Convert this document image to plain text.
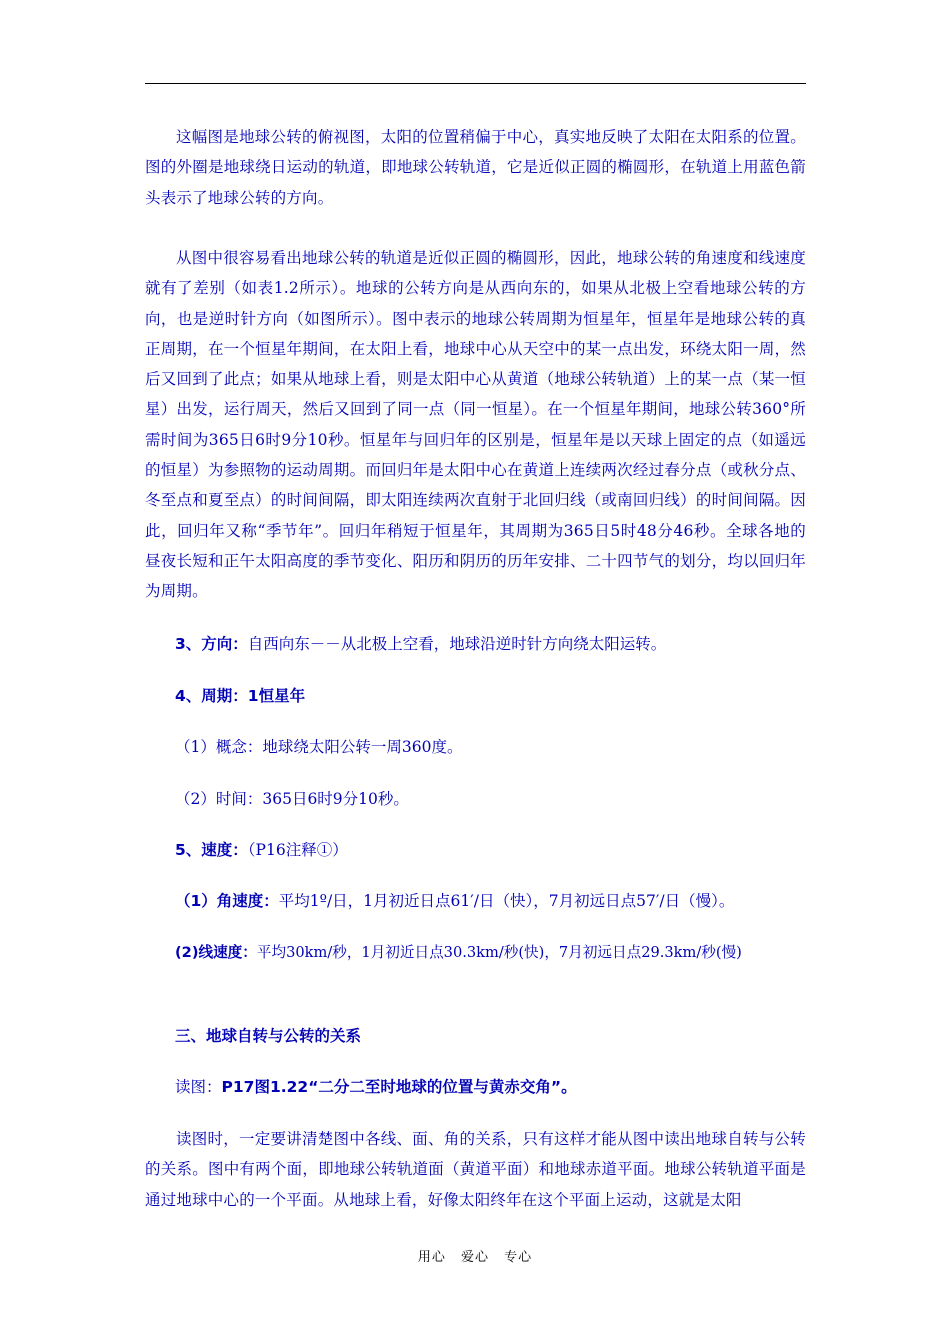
这幅图是地球公转的俯视图，太阳的位置稍偏于中心，真实地反映了太阳在太阳系的位置。图的外圈是地球绕日运动的轨道，即地球公转轨道，它是近似正圆的椭圆形，在轨道上用蓝色箭头表示了地球公转的方向。

从图中很容易看出地球公转的轨道是近似正圆的椭圆形，因此，地球公转的角速度和线速度就有了差别（如表1.2所示）。地球的公转方向是从西向东的，如果从北极上空看地球公转的方向，也是逆时针方向（如图所示）。图中表示的地球公转周期为恒星年，恒星年是地球公转的真正周期，在一个恒星年期间，在太阳上看，地球中心从天空中的某一点出发，环绕太阳一周，然后又回到了此点；如果从地球上看，则是太阳中心从黄道（地球公转轨道）上的某一点（某一恒星）出发，运行周天，然后又回到了同一点（同一恒星）。在一个恒星年期间，地球公转360°所需时间为365日6时9分10秒。恒星年与回归年的区别是，恒星年是以天球上固定的点（如遥远的恒星）为参照物的运动周期。而回归年是太阳中心在黄道上连续两次经过春分点（或秋分点、冬至点和夏至点）的时间间隔，即太阳连续两次直射于北回归线（或南回归线）的时间间隔。因此，回归年又称“季节年”。回归年稍短于恒星年，其周期为365日5时48分46秒。全球各地的昼夜长短和正午太阳高度的季节变化、阳历和阴历的历年安排、二十四节气的划分，均以回归年为周期。

3、方向：自西向东－－从北极上空看，地球沿逆时针方向绕太阳运转。
4、周期：1恒星年
（1）概念：地球绕太阳公转一周360度。
（2）时间：365日6时9分10秒。
5、速度：（P16注释①）
（1）角速度：平均1º/日，1月初近日点61′/日（快），7月初远日点57′/日（慢）。
(2)线速度：平均30km/秒，1月初近日点30.3km/秒(快)，7月初远日点29.3km/秒(慢)
三、地球自转与公转的关系
读图：P17图1.22“二分二至时地球的位置与黄赤交角”。

读图时，一定要讲清楚图中各线、面、角的关系，只有这样才能从图中读出地球自转与公转的关系。图中有两个面，即地球公转轨道面（黄道平面）和地球赤道平面。地球公转轨道平面是通过地球中心的一个平面。从地球上看，好像太阳终年在这个平面上运动，这就是太阳

用心 爱心 专心
